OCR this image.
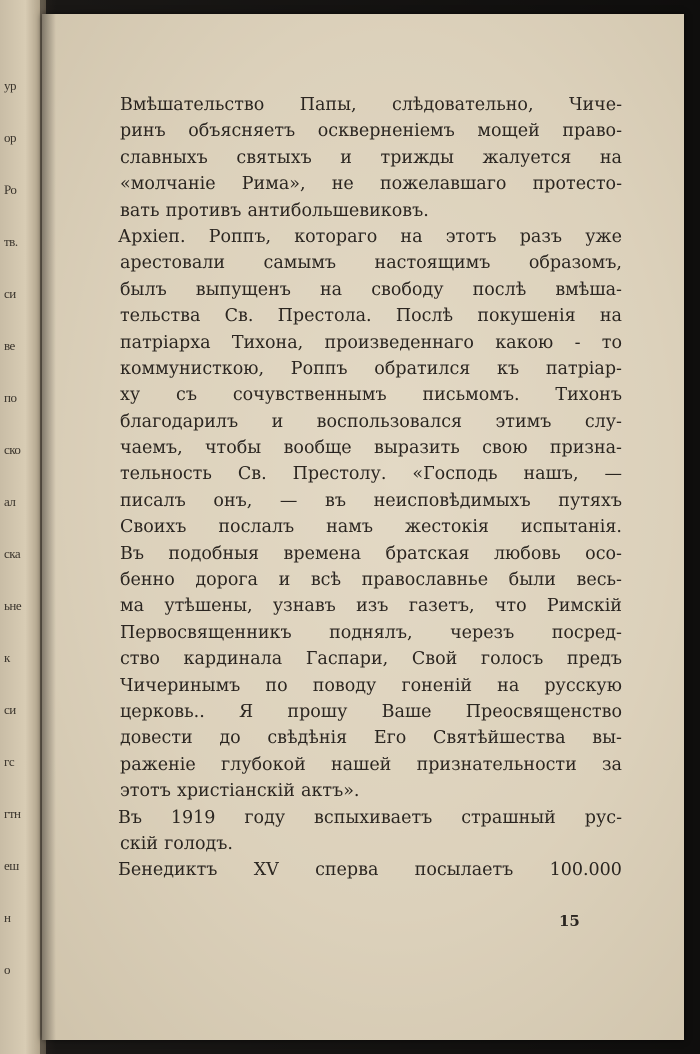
ур
ор
Ро
тв.
си
ве
по
ско
ал
ска
ьне
к
си
гс
гтн
еш
н
о
Вмѣшательство Папы, слѣдовательно, Чиче-
ринъ объясняетъ оскверненіемъ мощей право-
славныхъ святыхъ и трижды жалуется на
«молчаніе Рима», не пожелавшаго протесто-
вать противъ антибольшевиковъ.
Архіеп. Роппъ, котораго на этотъ разъ уже
арестовали самымъ настоящимъ образомъ,
былъ выпущенъ на свободу послѣ вмѣша-
тельства Св. Престола. Послѣ покушенія на
патріарха Тихона, произведеннаго какою - то
коммунисткою, Роппъ обратился къ патріар-
ху съ сочувственнымъ письмомъ. Тихонъ
благодарилъ и воспользовался этимъ слу-
чаемъ, чтобы вообще выразить свою призна-
тельность Св. Престолу. «Господь нашъ, —
писалъ онъ, — въ неисповѣдимыхъ путяхъ
Своихъ послалъ намъ жестокія испытанія.
Въ подобныя времена братская любовь осо-
бенно дорога и всѣ православнье были весь-
ма утѣшены, узнавъ изъ газетъ, что Римскій
Первосвященникъ поднялъ, черезъ посред-
ство кардинала Гаспари, Свой голосъ предъ
Чичеринымъ по поводу гоненій на русскую
церковь.. Я прошу Ваше Преосвященство
довести до свѣдѣнія Его Святѣйшества вы-
раженіе глубокой нашей признательности за
этотъ христіанскій актъ».
Въ 1919 году вспыхиваетъ страшный рус-
скій голодъ.
Бенедиктъ XV сперва посылаетъ 100.000
15
